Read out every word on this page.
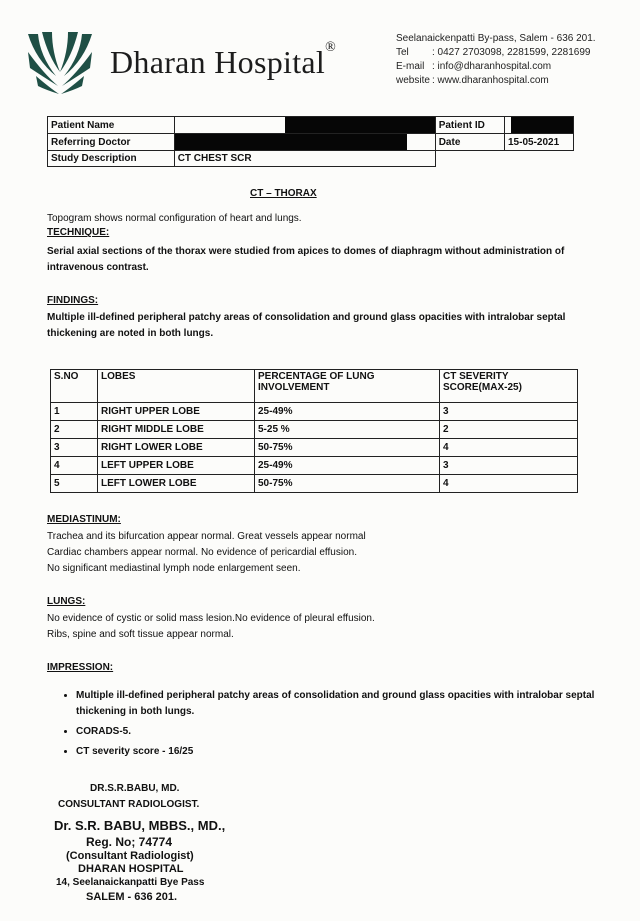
Dharan Hospital®
Seelanaickenpatti By-pass, Salem - 636 201.
Tel : 0427 2703098, 2281599, 2281699
E-mail : info@dharanhospital.com
website : www.dharanhospital.com
Patient Name		Patient ID	

Referring Doctor		Date	15-05-2021
Study Description	CT CHEST SCR		
CT – THORAX
Topogram shows normal configuration of heart and lungs.
TECHNIQUE:
Serial axial sections of the thorax were studied from apices to domes of diaphragm without administration of
intravenous contrast.
FINDINGS:
Multiple ill-defined peripheral patchy areas of consolidation and ground glass opacities with intralobar septal
thickening are noted in both lungs.
S.NO	LOBES	PERCENTAGE OF LUNG INVOLVEMENT	CT SEVERITY SCORE(MAX-25)
1	RIGHT UPPER LOBE	25-49%	3
2	RIGHT MIDDLE LOBE	5-25 %	2
3	RIGHT LOWER LOBE	50-75%	4
4	LEFT UPPER LOBE	25-49%	3
5	LEFT LOWER LOBE	50-75%	4
MEDIASTINUM:
Trachea and its bifurcation appear normal. Great vessels appear normal
Cardiac chambers appear normal. No evidence of pericardial effusion.
No significant mediastinal lymph node enlargement seen.
LUNGS:
No evidence of cystic or solid mass lesion.No evidence of pleural effusion.
Ribs, spine and soft tissue appear normal.
IMPRESSION:
• Multiple ill-defined peripheral patchy areas of consolidation and ground glass opacities with intralobar septal thickening in both lungs.
• CORADS-5.
• CT severity score - 16/25
DR.S.R.BABU, MD.
CONSULTANT RADIOLOGIST.
Dr. S.R. BABU, MBBS., MD.,
Reg. No; 74774
(Consultant Radiologist)
DHARAN HOSPITAL
14, Seelanaickanpatti Bye Pass
SALEM - 636 201.
